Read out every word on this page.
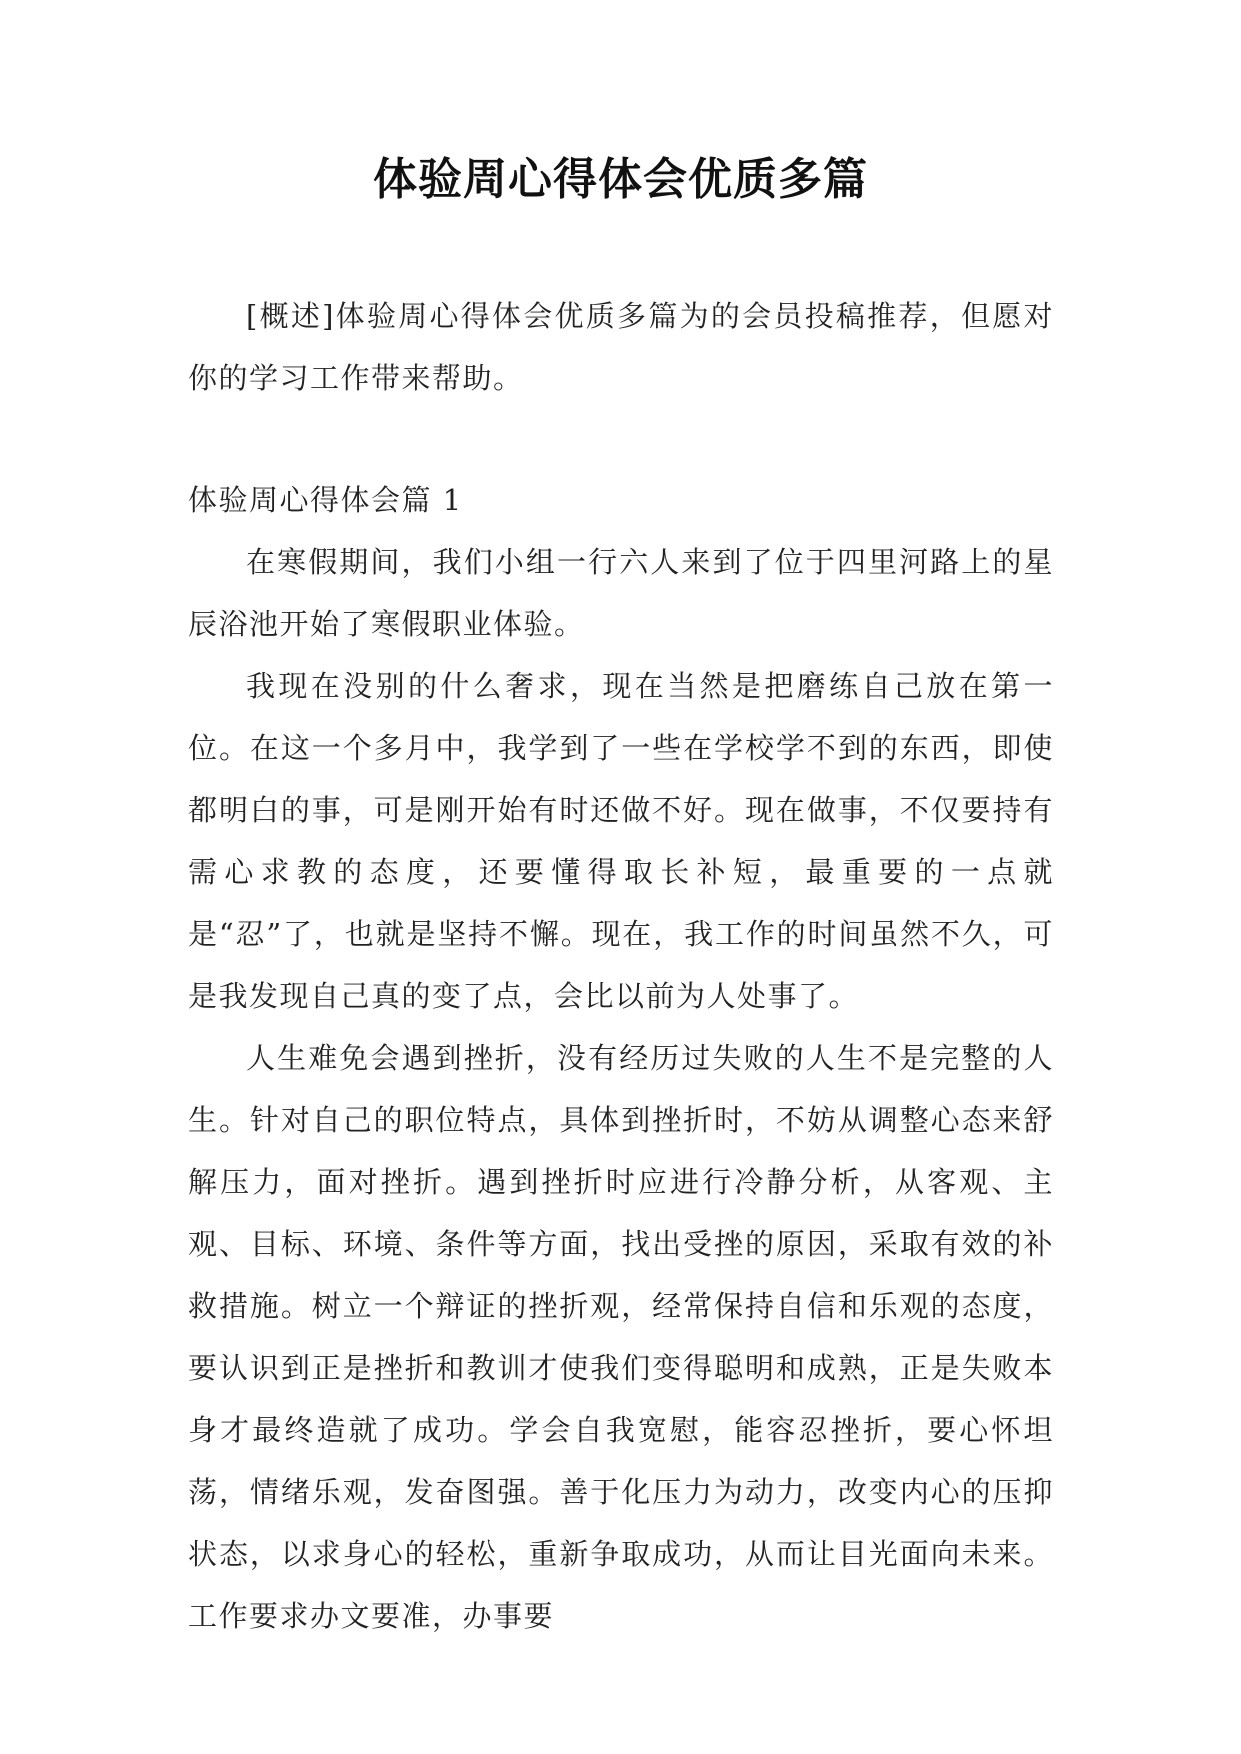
体验周心得体会优质多篇

[概述]体验周心得体会优质多篇为的会员投稿推荐，但愿对你的学习工作带来帮助。

体验周心得体会篇 1

在寒假期间，我们小组一行六人来到了位于四里河路上的星辰浴池开始了寒假职业体验。

我现在没别的什么奢求，现在当然是把磨练自己放在第一位。在这一个多月中，我学到了一些在学校学不到的东西，即使都明白的事，可是刚开始有时还做不好。现在做事，不仅要持有需心求教的态度，还要懂得取长补短，最重要的一点就是“忍”了，也就是坚持不懈。现在，我工作的时间虽然不久，可是我发现自己真的变了点，会比以前为人处事了。

人生难免会遇到挫折，没有经历过失败的人生不是完整的人生。针对自己的职位特点，具体到挫折时，不妨从调整心态来舒解压力，面对挫折。遇到挫折时应进行冷静分析，从客观、主观、目标、环境、条件等方面，找出受挫的原因，采取有效的补救措施。树立一个辩证的挫折观，经常保持自信和乐观的态度，要认识到正是挫折和教训才使我们变得聪明和成熟，正是失败本身才最终造就了成功。学会自我宽慰，能容忍挫折，要心怀坦荡，情绪乐观，发奋图强。善于化压力为动力，改变内心的压抑状态，以求身心的轻松，重新争取成功，从而让目光面向未来。工作要求办文要准，办事要
